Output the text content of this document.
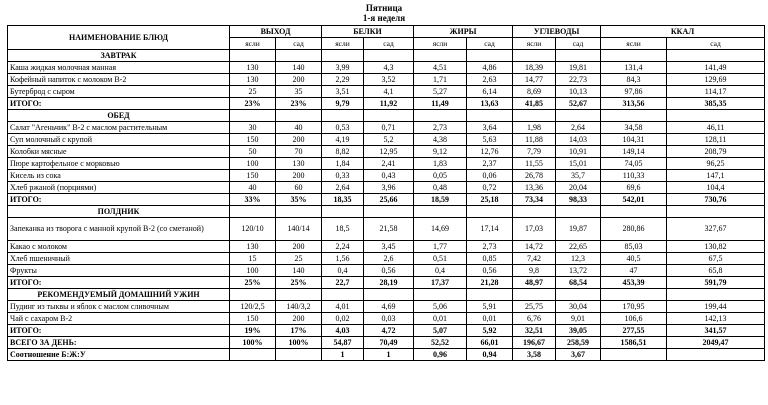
Пятница
1-я неделя
НАИМЕНОВАНИЕ БЛЮД	ВЫХОД		БЕЛКИ		ЖИРЫ		УГЛЕВОДЫ		ККАЛ	
	ясли	сад	ясли	сад	ясли	сад	ясли	сад	ясли	сад
ЗАВТРАК										
Каша жидкая молочная манная	130	140	3,99	4,3	4,51	4,86	18,39	19,81	131,4	141,49
Кофейный напиток с молоком В-2	130	200	2,29	3,52	1,71	2,63	14,77	22,73	84,3	129,69
Бутерброд с сыром	25	35	3,51	4,1	5,27	6,14	8,69	10,13	97,86	114,17
ИТОГО:	23%	23%	9,79	11,92	11,49	13,63	41,85	52,67	313,56	385,35
ОБЕД										
Салат "Агеньчик" В-2 с маслом растительным	30	40	0,53	0,71	2,73	3,64	1,98	2,64	34,58	46,11
Суп молочный с крупой	150	200	4,19	5,2	4,38	5,63	11,88	14,03	104,31	128,11
Колобки мясные	50	70	8,82	12,95	9,12	12,76	7,79	10,91	149,14	208,79
Пюре картофельное с морковью	100	130	1,84	2,41	1,83	2,37	11,55	15,01	74,05	96,25
Кисель из сока	150	200	0,33	0,43	0,05	0,06	26,78	35,7	110,33	147,1
Хлеб ржаной (порциями)	40	60	2,64	3,96	0,48	0,72	13,36	20,04	69,6	104,4
ИТОГО:	33%	35%	18,35	25,66	18,59	25,18	73,34	98,33	542,01	730,76
ПОЛДНИК										
Запеканка из творога с манной крупой В-2 (со сметаной)	120/10	140/14	18,5	21,58	14,69	17,14	17,03	19,87	280,86	327,67
Какао с молоком	130	200	2,24	3,45	1,77	2,73	14,72	22,65	85,03	130,82
Хлеб пшеничный	15	25	1,56	2,6	0,51	0,85	7,42	12,3	40,5	67,5
Фрукты	100	140	0,4	0,56	0,4	0,56	9,8	13,72	47	65,8
ИТОГО:	25%	25%	22,7	28,19	17,37	21,28	48,97	68,54	453,39	591,79
РЕКОМЕНДУЕМЫЙ ДОМАШНИЙ УЖИН										
Пудинг из тыквы и яблок с маслом сливочным	120/2,5	140/3,2	4,01	4,69	5,06	5,91	25,75	30,04	170,95	199,44
Чай с сахаром В-2	150	200	0,02	0,03	0,01	0,01	6,76	9,01	106,6	142,13
ИТОГО:	19%	17%	4,03	4,72	5,07	5,92	32,51	39,05	277,55	341,57
ВСЕГО ЗА ДЕНЬ:	100%	100%	54,87	70,49	52,52	66,01	196,67	258,59	1586,51	2049,47
Соотношение Б:Ж:У			1	1	0,96	0,94	3,58	3,67		
